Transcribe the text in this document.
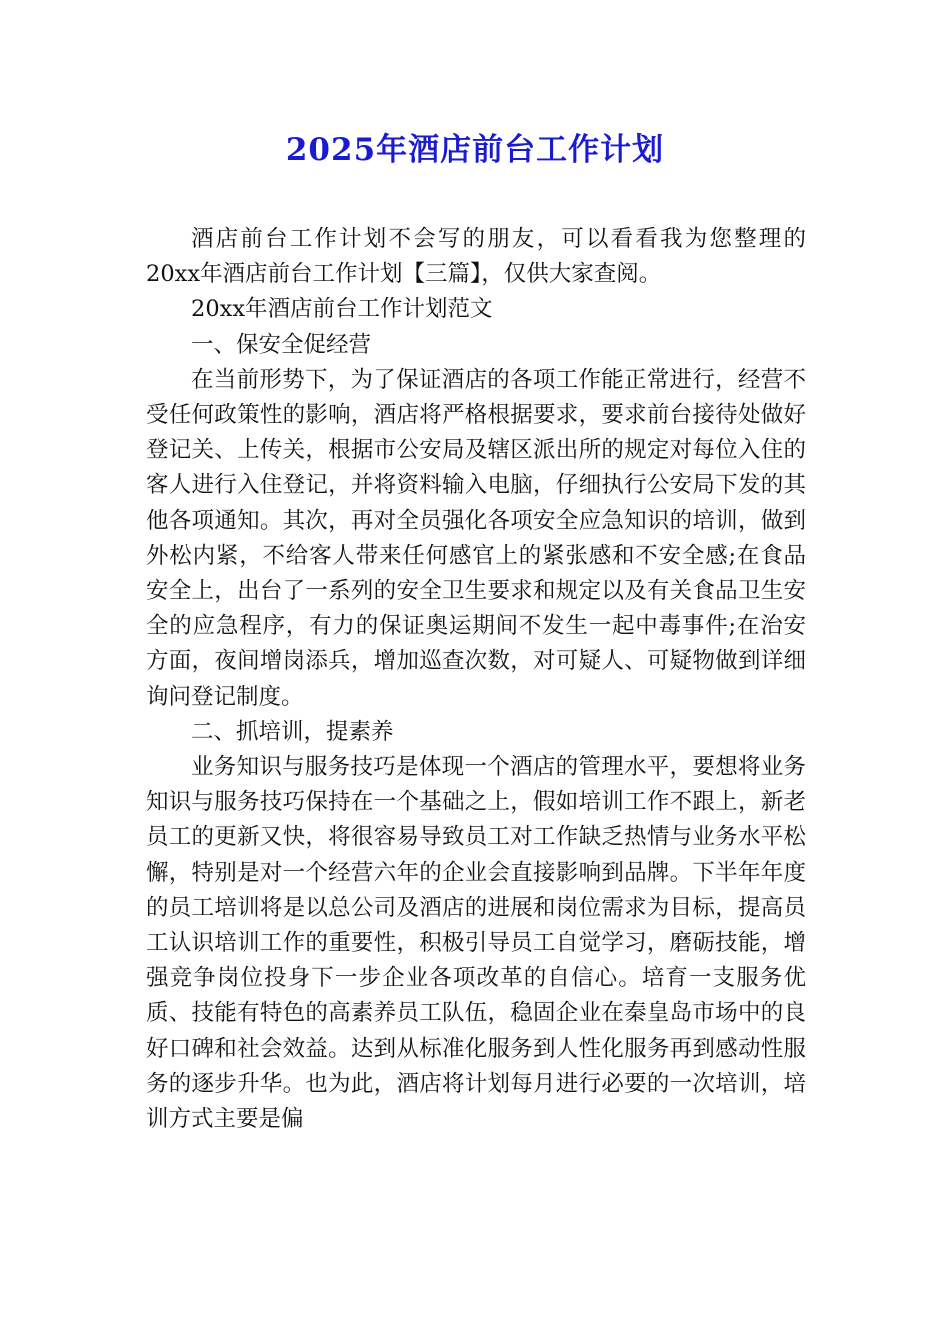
2025年酒店前台工作计划

酒店前台工作计划不会写的朋友，可以看看我为您整理的20xx年酒店前台工作计划【三篇】，仅供大家查阅。

20xx年酒店前台工作计划范文

一、保安全促经营

在当前形势下，为了保证酒店的各项工作能正常进行，经营不受任何政策性的影响，酒店将严格根据要求，要求前台接待处做好登记关、上传关，根据市公安局及辖区派出所的规定对每位入住的客人进行入住登记，并将资料输入电脑，仔细执行公安局下发的其他各项通知。其次，再对全员强化各项安全应急知识的培训，做到外松内紧，不给客人带来任何感官上的紧张感和不安全感;在食品安全上，出台了一系列的安全卫生要求和规定以及有关食品卫生安全的应急程序，有力的保证奥运期间不发生一起中毒事件;在治安方面，夜间增岗添兵，增加巡查次数，对可疑人、可疑物做到详细询问登记制度。

二、抓培训，提素养

业务知识与服务技巧是体现一个酒店的管理水平，要想将业务知识与服务技巧保持在一个基础之上，假如培训工作不跟上，新老员工的更新又快，将很容易导致员工对工作缺乏热情与业务水平松懈，特别是对一个经营六年的企业会直接影响到品牌。下半年年度的员工培训将是以总公司及酒店的进展和岗位需求为目标，提高员工认识培训工作的重要性，积极引导员工自觉学习，磨砺技能，增强竞争岗位投身下一步企业各项改革的自信心。培育一支服务优质、技能有特色的高素养员工队伍，稳固企业在秦皇岛市场中的良好口碑和社会效益。达到从标准化服务到人性化服务再到感动性服务的逐步升华。也为此，酒店将计划每月进行必要的一次培训，培训方式主要是偏
